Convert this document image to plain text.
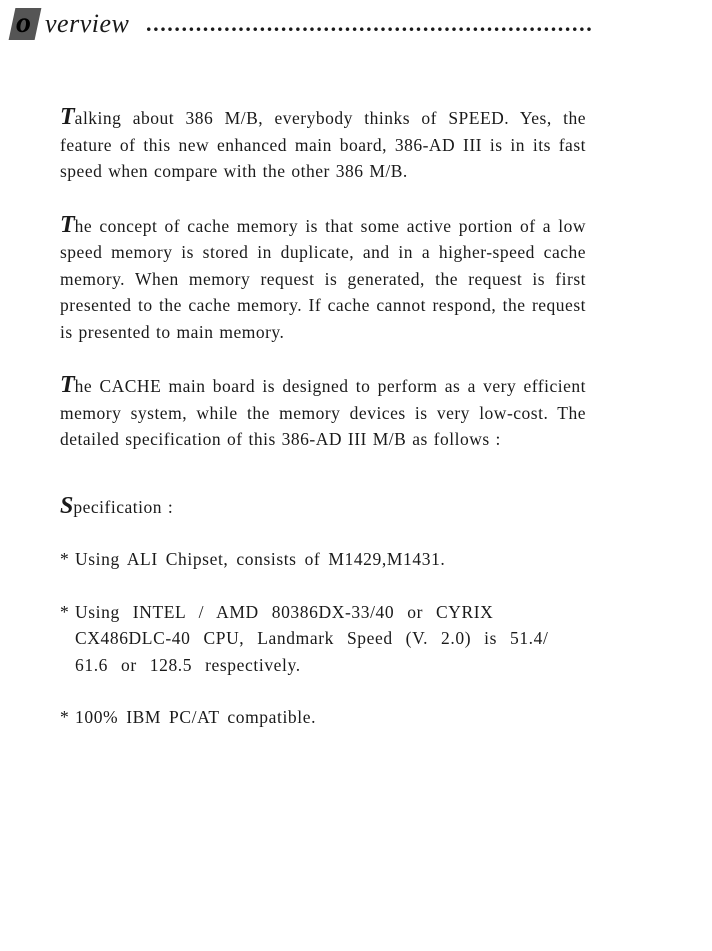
o verview ...............................................................

Talking about 386 M/B, everybody thinks of SPEED. Yes, the feature of this new enhanced main board, 386-AD III is in its fast speed when compare with the other 386 M/B.

The concept of cache memory is that some active portion of a low speed memory is stored in duplicate, and in a higher-speed cache memory. When memory request is generated, the request is first presented to the cache memory. If cache cannot respond, the request is presented to main memory.

The CACHE main board is designed to perform as a very efficient memory system, while the memory devices is very low-cost. The detailed specification of this 386-AD III M/B as follows :

Specification :

* Using ALI Chipset, consists of M1429,M1431.

* Using INTEL / AMD 80386DX-33/40 or CYRIX CX486DLC-40 CPU, Landmark Speed (V. 2.0) is 51.4/ 61.6 or 128.5 respectively.

* 100% IBM PC/AT compatible.
